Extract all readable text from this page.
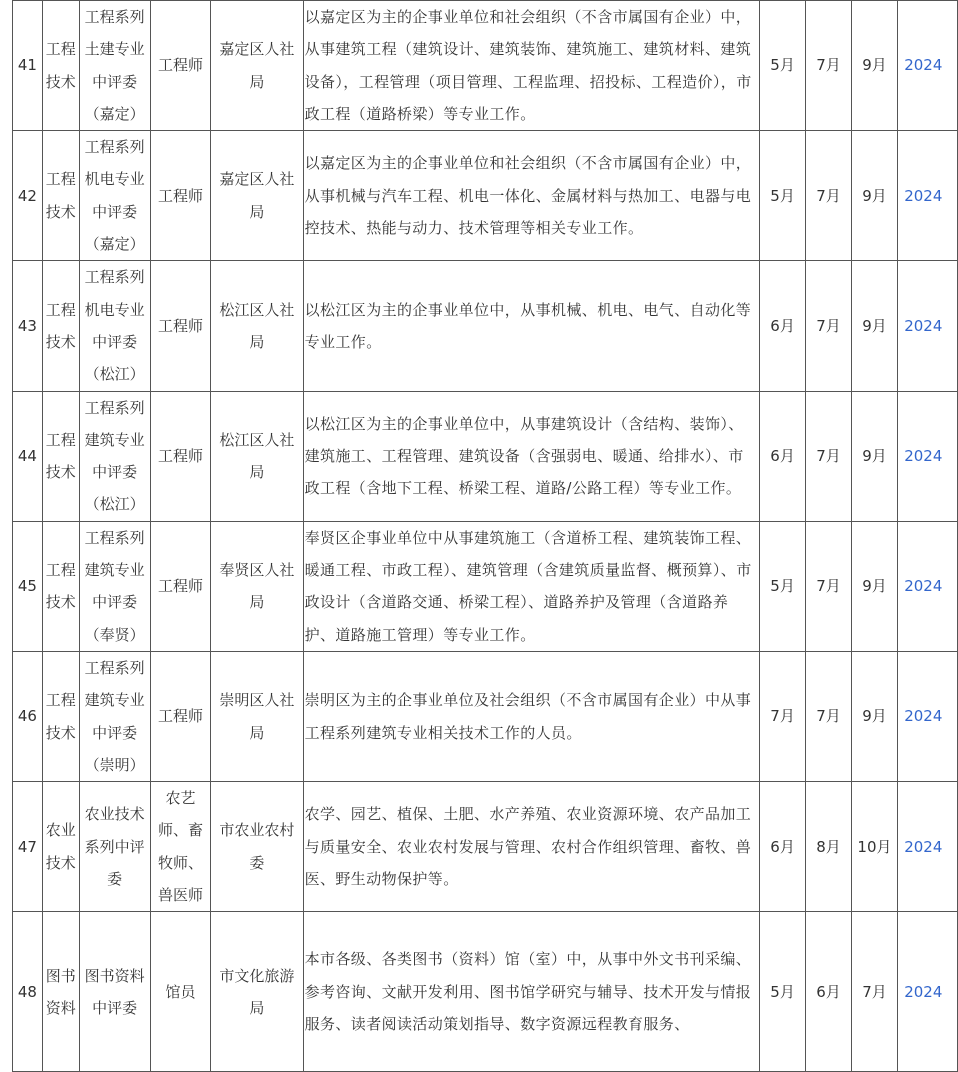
41	工程技术	工程系列土建专业中评委（嘉定）	工程师	嘉定区人社局	以嘉定区为主的企事业单位和社会组织（不含市属国有企业）中，从事建筑工程（建筑设计、建筑装饰、建筑施工、建筑材料、建筑设备），工程管理（项目管理、工程监理、招投标、工程造价），市政工程（道路桥梁）等专业工作。	5月	7月	9月	2024
42	工程技术	工程系列机电专业中评委（嘉定）	工程师	嘉定区人社局	以嘉定区为主的企事业单位和社会组织（不含市属国有企业）中，从事机械与汽车工程、机电一体化、金属材料与热加工、电器与电控技术、热能与动力、技术管理等相关专业工作。	5月	7月	9月	2024
43	工程技术	工程系列机电专业中评委（松江）	工程师	松江区人社局	以松江区为主的企事业单位中，从事机械、机电、电气、自动化等专业工作。	6月	7月	9月	2024
44	工程技术	工程系列建筑专业中评委（松江）	工程师	松江区人社局	以松江区为主的企事业单位中，从事建筑设计（含结构、装饰）、建筑施工、工程管理、建筑设备（含强弱电、暖通、给排水）、市政工程（含地下工程、桥梁工程、道路/公路工程）等专业工作。	6月	7月	9月	2024
45	工程技术	工程系列建筑专业中评委（奉贤）	工程师	奉贤区人社局	奉贤区企事业单位中从事建筑施工（含道桥工程、建筑装饰工程、暖通工程、市政工程）、建筑管理（含建筑质量监督、概预算）、市政设计（含道路交通、桥梁工程）、道路养护及管理（含道路养护、道路施工管理）等专业工作。	5月	7月	9月	2024
46	工程技术	工程系列建筑专业中评委（崇明）	工程师	崇明区人社局	崇明区为主的企事业单位及社会组织（不含市属国有企业）中从事工程系列建筑专业相关技术工作的人员。	7月	7月	9月	2024
47	农业技术	农业技术系列中评委	农艺师、畜牧师、兽医师	市农业农村委	农学、园艺、植保、土肥、水产养殖、农业资源环境、农产品加工与质量安全、农业农村发展与管理、农村合作组织管理、畜牧、兽医、野生动物保护等。	6月	8月	10月	2024
48	图书资料	图书资料中评委	馆员	市文化旅游局	本市各级、各类图书（资料）馆（室）中，从事中外文书刊采编、参考咨询、文献开发利用、图书馆学研究与辅导、技术开发与情报服务、读者阅读活动策划指导、数字资源远程教育服务、	5月	6月	7月	2024
